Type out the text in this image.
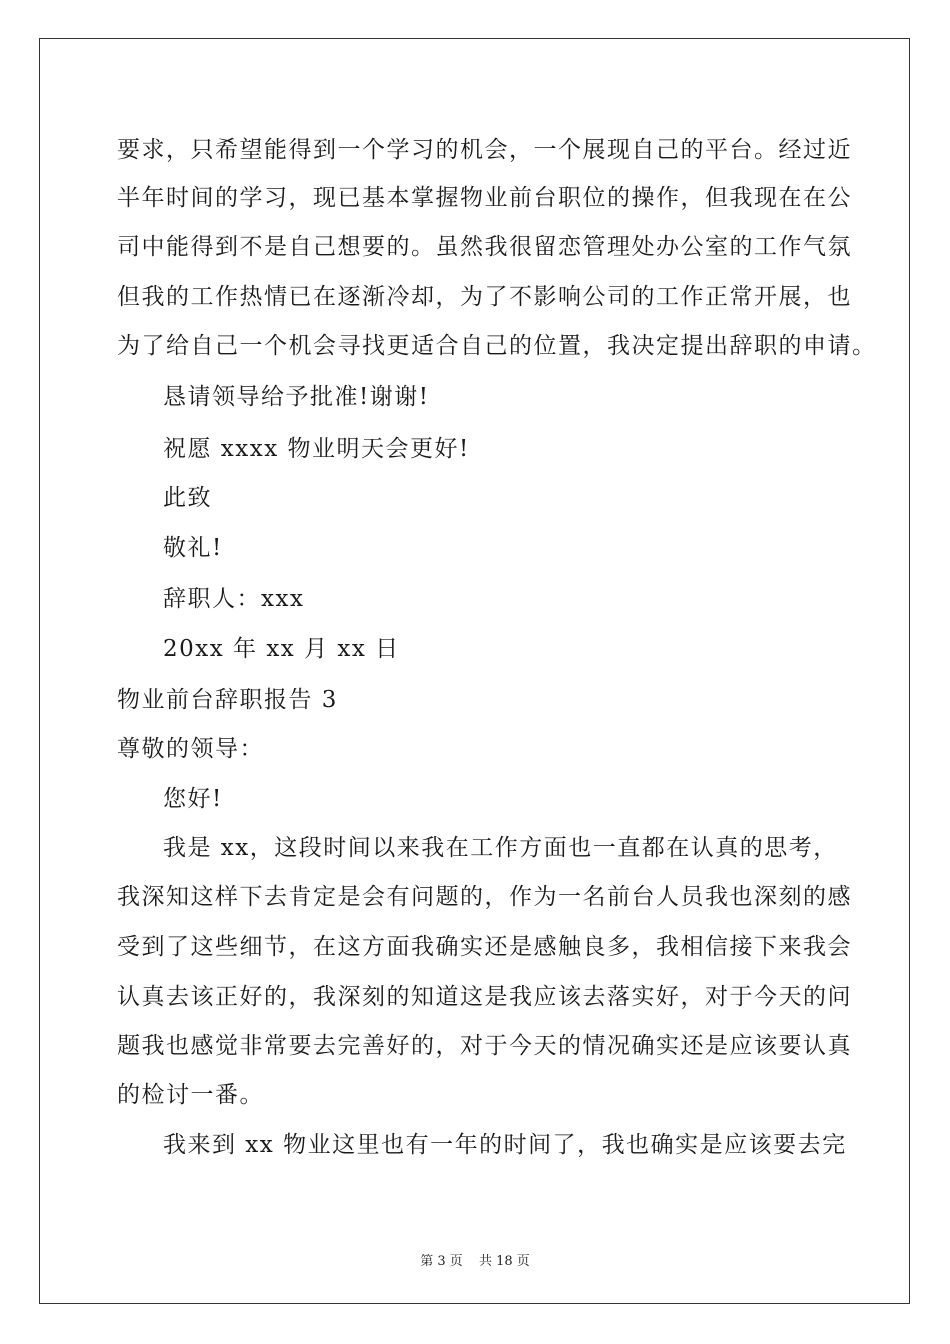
要求，只希望能得到一个学习的机会，一个展现自己的平台。经过近
半年时间的学习，现已基本掌握物业前台职位的操作，但我现在在公
司中能得到不是自己想要的。虽然我很留恋管理处办公室的工作气氛
但我的工作热情已在逐渐冷却，为了不影响公司的工作正常开展，也
为了给自己一个机会寻找更适合自己的位置，我决定提出辞职的申请。
恳请领导给予批准!谢谢!
祝愿 xxxx 物业明天会更好!
此致
敬礼!
辞职人：xxx
20xx 年 xx 月 xx 日
物业前台辞职报告 3
尊敬的领导：
您好!
我是 xx，这段时间以来我在工作方面也一直都在认真的思考，
我深知这样下去肯定是会有问题的，作为一名前台人员我也深刻的感
受到了这些细节，在这方面我确实还是感触良多，我相信接下来我会
认真去该正好的，我深刻的知道这是我应该去落实好，对于今天的问
题我也感觉非常要去完善好的，对于今天的情况确实还是应该要认真
的检讨一番。
我来到 xx 物业这里也有一年的时间了，我也确实是应该要去完
第 3 页 共 18 页
